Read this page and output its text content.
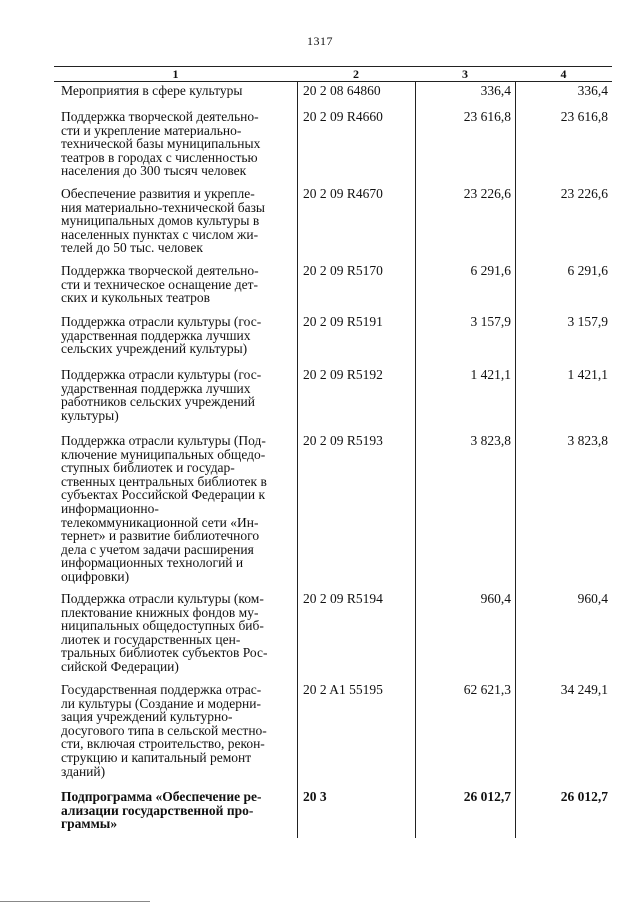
1317
1	2	3	4
Мероприятия в сфере культуры	20 2 08 64860	336,4	336,4
Поддержка творческой деятельно-
сти и укрепление материально-
технической базы муниципальных
театров в городах с численностью
населения до 300 тысяч человек
20 2 09 R4660	23 616,8	23 616,8
Обеспечение развития и укрепле-
ния материально-технической базы
муниципальных домов культуры в
населенных пунктах с числом жи-
телей до 50 тыс. человек
20 2 09 R4670	23 226,6	23 226,6
Поддержка творческой деятельно-
сти и техническое оснащение дет-
ских и кукольных театров
20 2 09 R5170	6 291,6	6 291,6
Поддержка отрасли культуры (гос-
ударственная поддержка лучших
сельских учреждений культуры)
20 2 09 R5191	3 157,9	3 157,9
Поддержка отрасли культуры (гос-
ударственная поддержка лучших
работников сельских учреждений
культуры)
20 2 09 R5192	1 421,1	1 421,1
Поддержка отрасли культуры (Под-
ключение муниципальных общедо-
ступных библиотек и государ-
ственных центральных библиотек в
субъектах Российской Федерации к
информационно-
телекоммуникационной сети «Ин-
тернет» и развитие библиотечного
дела с учетом задачи расширения
информационных технологий и
оцифровки)
20 2 09 R5193	3 823,8	3 823,8
Поддержка отрасли культуры (ком-
плектование книжных фондов му-
ниципальных общедоступных биб-
лиотек и государственных цен-
тральных библиотек субъектов Рос-
сийской Федерации)
20 2 09 R5194	960,4	960,4
Государственная поддержка отрас-
ли культуры (Создание и модерни-
зация учреждений культурно-
досугового типа в сельской местно-
сти, включая строительство, рекон-
струкцию и капитальный ремонт
зданий)
20 2 A1 55195	62 621,3	34 249,1
Подпрограмма «Обеспечение ре-
ализации государственной про-
граммы»
20 3	26 012,7	26 012,7
